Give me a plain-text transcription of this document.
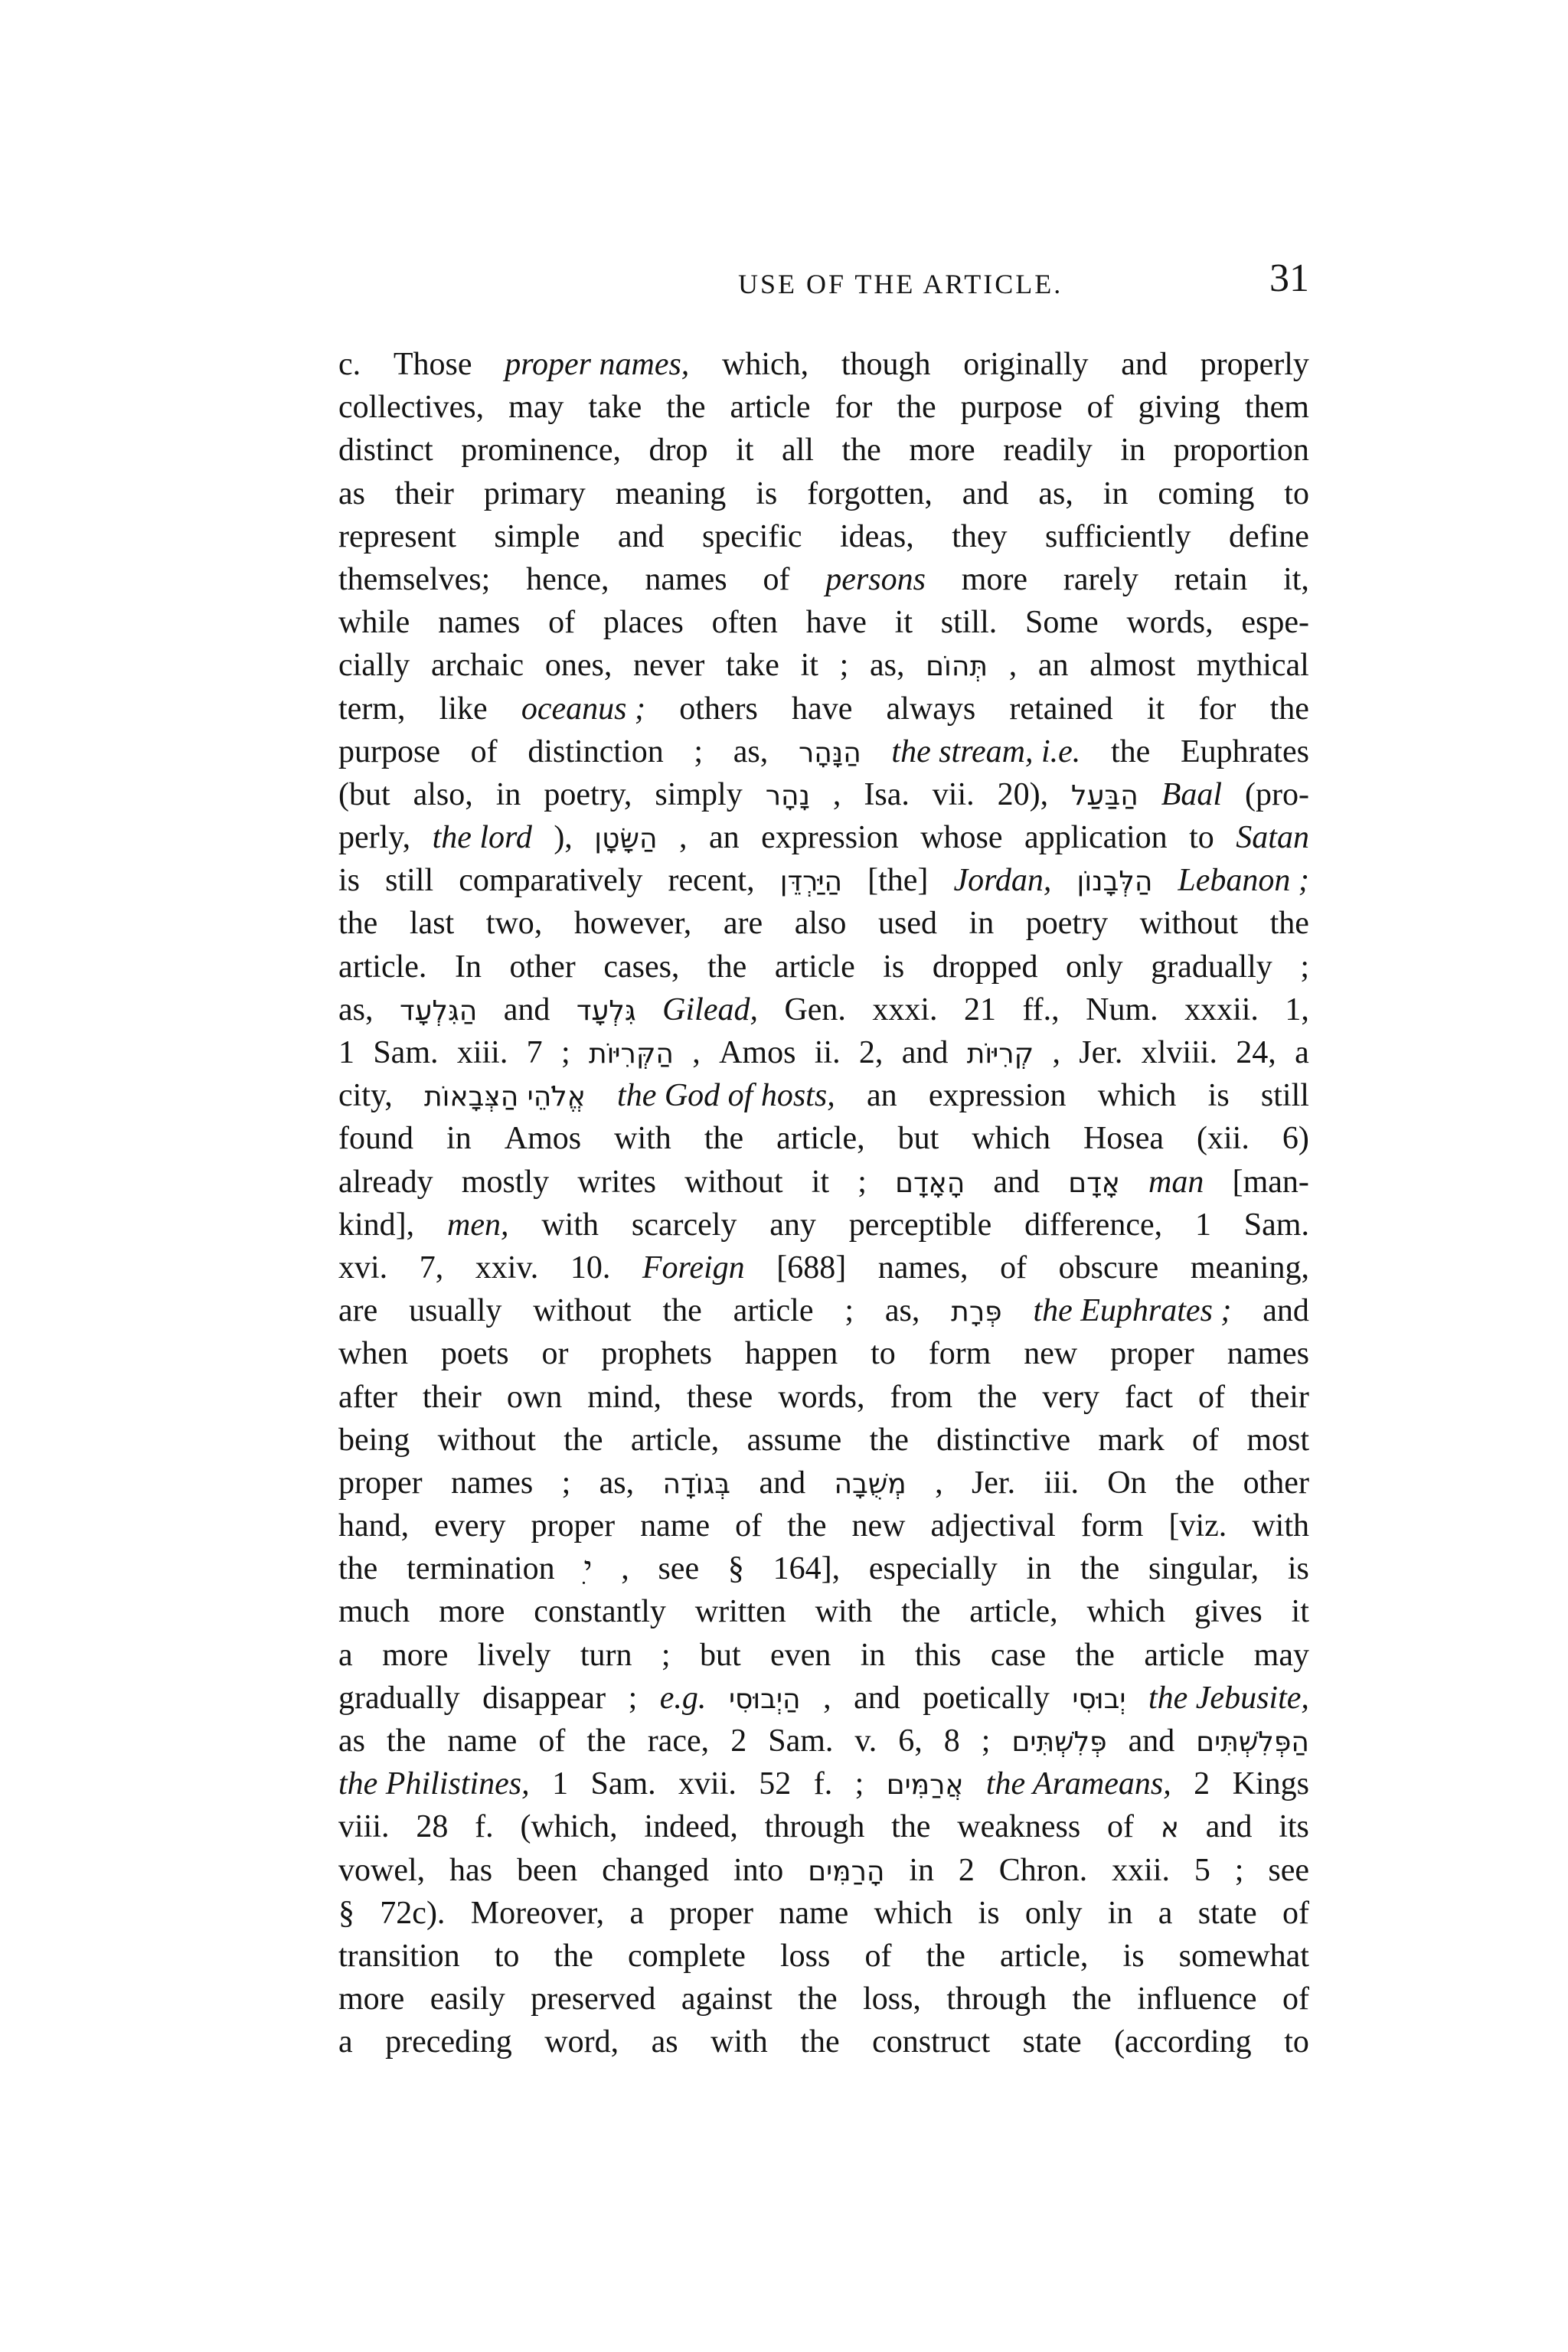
USE OF THE ARTICLE.	31
c. Those proper names, which, though originally and properly
collectives, may take the article for the purpose of giving them
distinct prominence, drop it all the more readily in proportion
as their primary meaning is forgotten, and as, in coming to
represent simple and specific ideas, they sufficiently define
themselves; hence, names of persons more rarely retain it,
while names of places often have it still. Some words, espe-
cially archaic ones, never take it ; as, תְּהוֹם , an almost mythical
term, like oceanus ; others have always retained it for the
purpose of distinction ; as, הַנָּהָר the stream, i.e. the Euphrates
(but also, in poetry, simply נָהָר , Isa. vii. 20), הַבַּעַל Baal (pro-
perly, the lord ), הַשָּׂטָן , an expression whose application to Satan
is still comparatively recent, הַיַּרְדֵּן [the] Jordan, הַלְּבָנוֹן Lebanon ;
the last two, however, are also used in poetry without the
article. In other cases, the article is dropped only gradually ;
as, הַגִּלְעָד and גִּלְעָד Gilead, Gen. xxxi. 21 ff., Num. xxxii. 1,
1 Sam. xiii. 7 ; הַקְּרִיּוֹת , Amos ii. 2, and קְרִיּוֹת , Jer. xlviii. 24, a
city, אֱלֹהֵי הַצְּבָאוֹת the God of hosts, an expression which is still
found in Amos with the article, but which Hosea (xii. 6)
already mostly writes without it ; הָאָדָם and אָדָם man [man-
kind], men, with scarcely any perceptible difference, 1 Sam.
xvi. 7, xxiv. 10. Foreign [688] names, of obscure meaning,
are usually without the article ; as, פְּרָת the Euphrates ; and
when poets or prophets happen to form new proper names
after their own mind, these words, from the very fact of their
being without the article, assume the distinctive mark of most
proper names ; as, בְּגוֹדָה and מְשֻׁבָה , Jer. iii. On the other
hand, every proper name of the new adjectival form [viz. with
the termination ִי , see § 164], especially in the singular, is
much more constantly written with the article, which gives it
a more lively turn ; but even in this case the article may
gradually disappear ; e.g. הַיְבוּסִי , and poetically יְבוּסִי the Jebusite,
as the name of the race, 2 Sam. v. 6, 8 ; פְּלִשְׁתִּים and הַפְּלִשְׁתִּים
the Philistines, 1 Sam. xvii. 52 f. ; אֲרַמִּים the Arameans, 2 Kings
viii. 28 f. (which, indeed, through the weakness of א and its
vowel, has been changed into הָרַמִּים in 2 Chron. xxii. 5 ; see
§ 72c). Moreover, a proper name which is only in a state of
transition to the complete loss of the article, is somewhat
more easily preserved against the loss, through the influence of
a preceding word, as with the construct state (according to
